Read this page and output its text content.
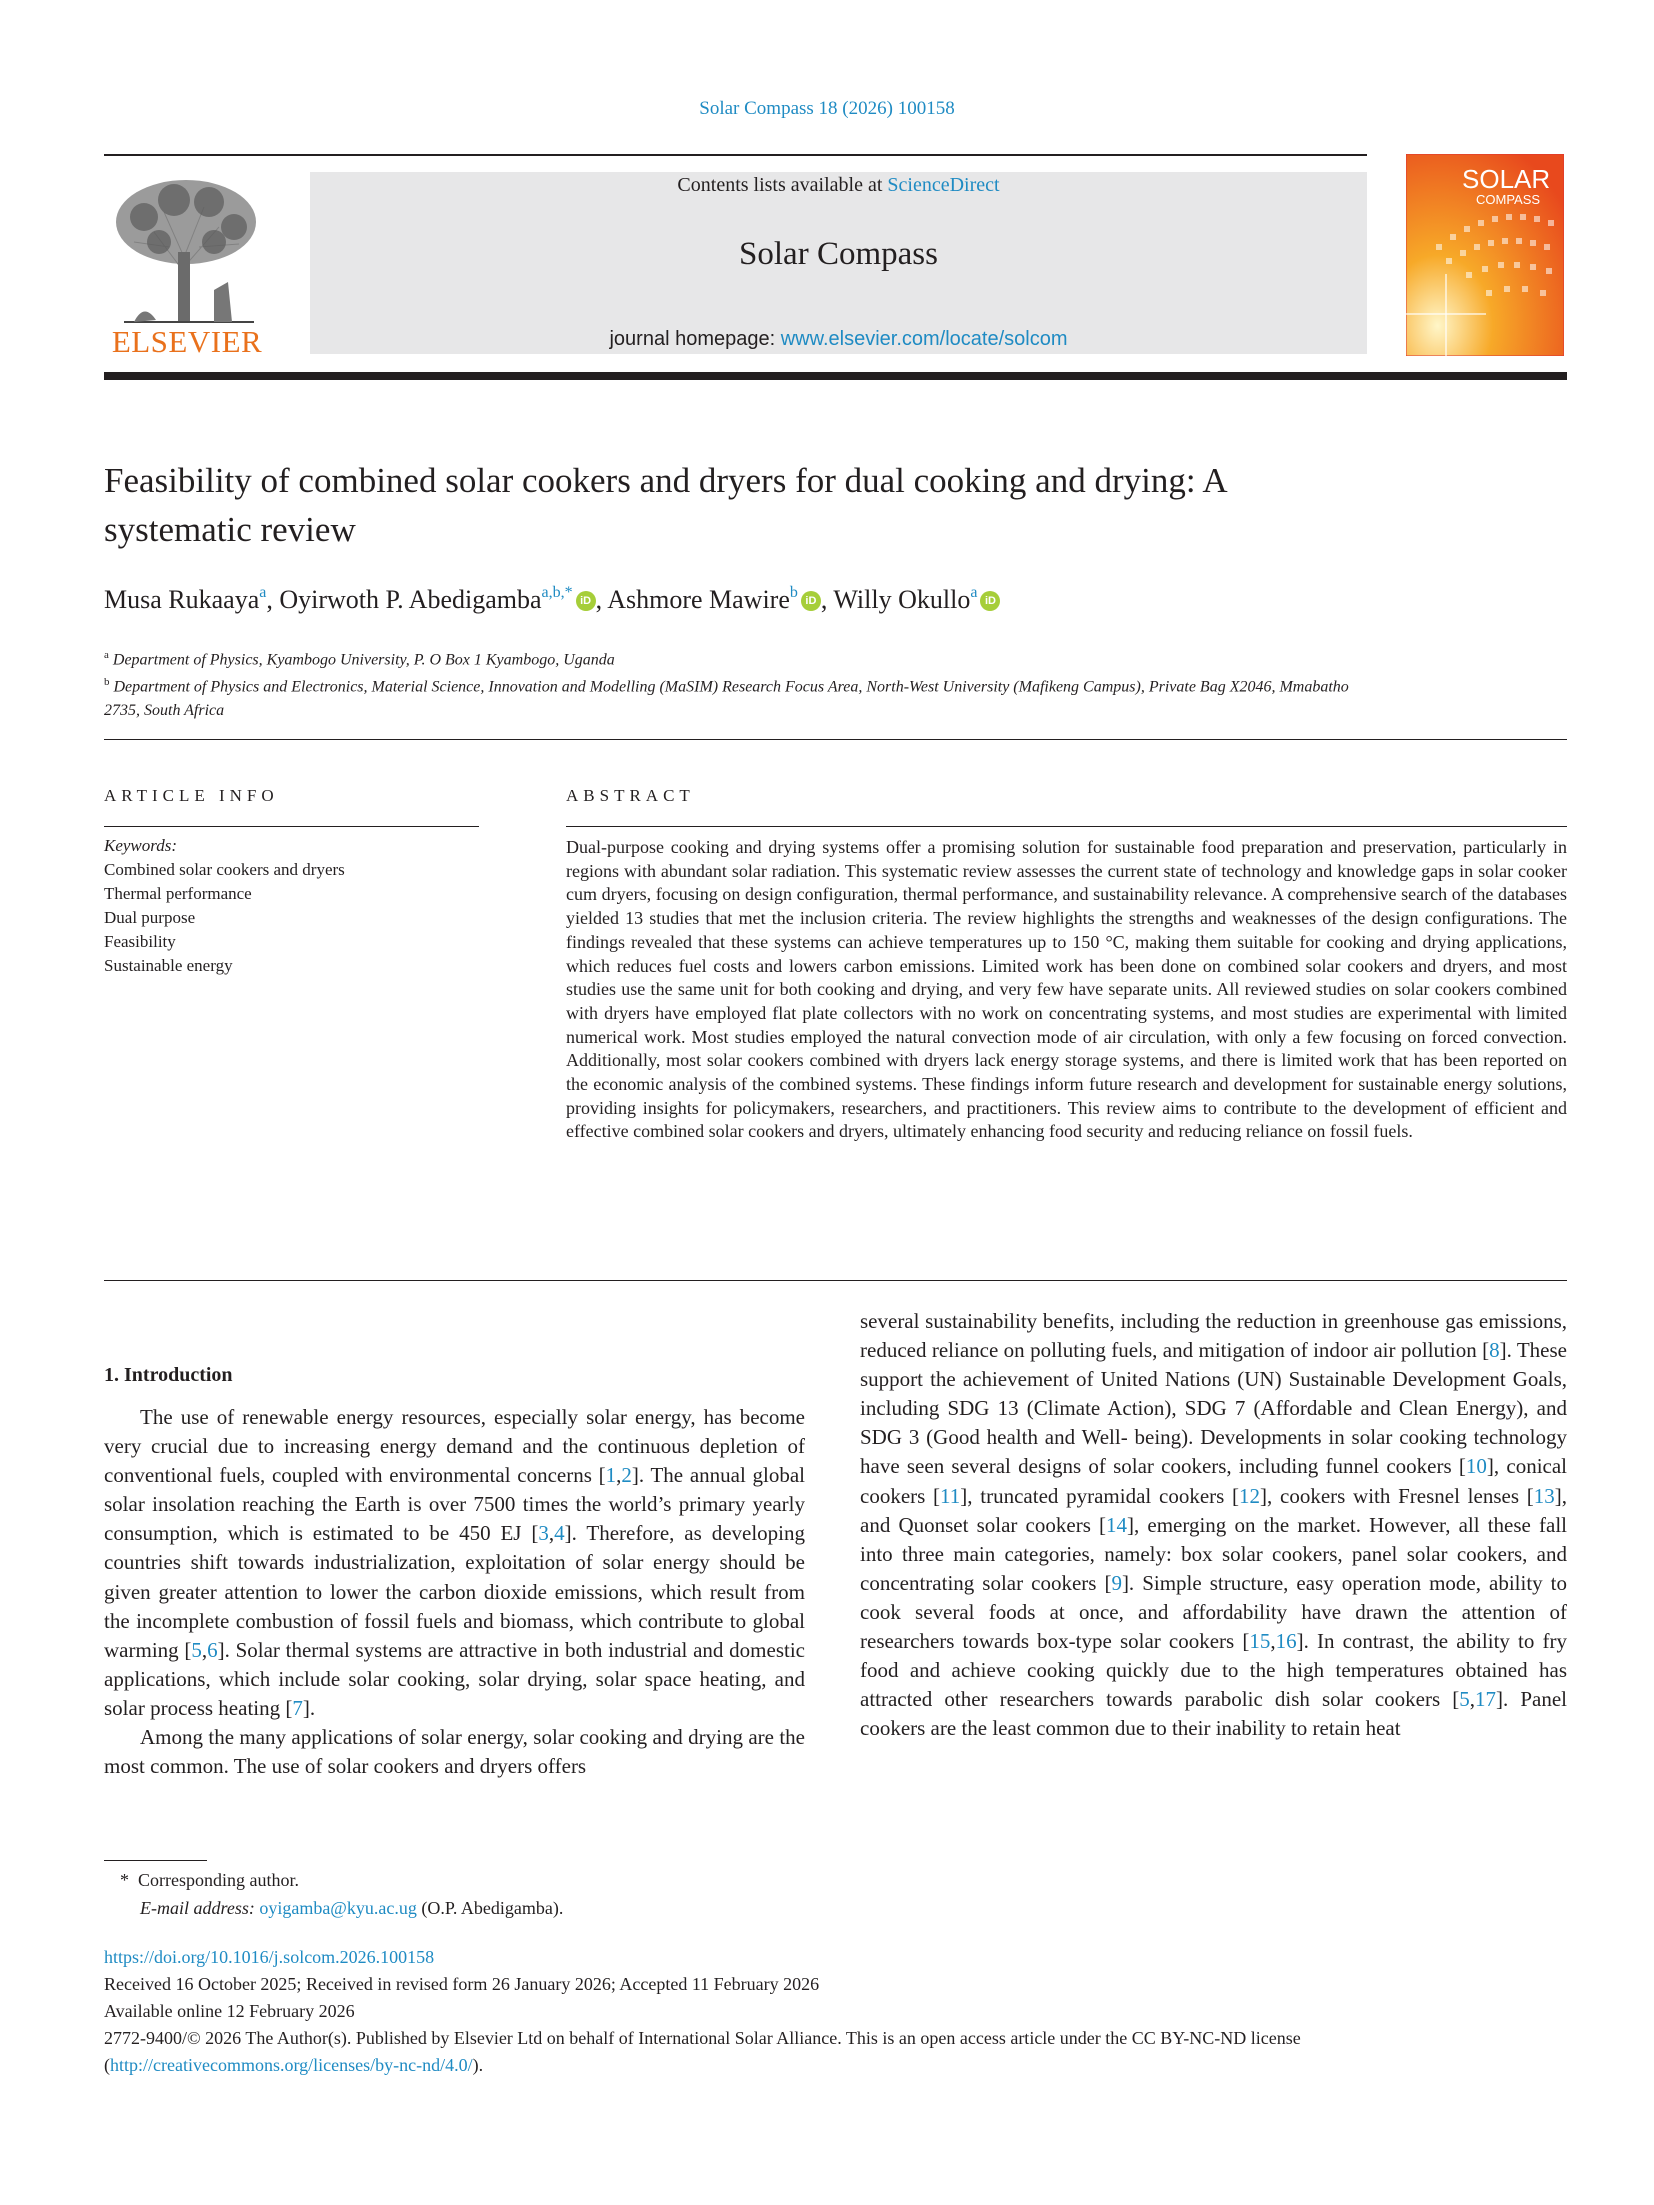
Solar Compass 18 (2026) 100158
ELSEVIER
Contents lists available at ScienceDirect
Solar Compass
journal homepage: www.elsevier.com/locate/solcom
SOLAR
COMPASS
Feasibility of combined solar cookers and dryers for dual cooking and drying: A systematic review
Musa Rukaaya$^a$, Oyirwoth P. Abedigamba$^{a,b,*}$ iD , Ashmore Mawire$^b$ iD , Willy Okullo$^a$ iD
$^a$ Department of Physics, Kyambogo University, P. O Box 1 Kyambogo, Uganda
$^b$ Department of Physics and Electronics, Material Science, Innovation and Modelling (MaSIM) Research Focus Area, North-West University (Mafikeng Campus), Private Bag X2046, Mmabatho 2735, South Africa
ARTICLE INFO
Keywords:
Combined solar cookers and dryers
Thermal performance
Dual purpose
Feasibility
Sustainable energy
ABSTRACT
Dual-purpose cooking and drying systems offer a promising solution for sustainable food preparation and preservation, particularly in regions with abundant solar radiation. This systematic review assesses the current state of technology and knowledge gaps in solar cooker cum dryers, focusing on design configuration, thermal performance, and sustainability relevance. A comprehensive search of the databases yielded 13 studies that met the inclusion criteria. The review highlights the strengths and weaknesses of the design configurations. The findings revealed that these systems can achieve temperatures up to 150 °C, making them suitable for cooking and drying applications, which reduces fuel costs and lowers carbon emissions. Limited work has been done on combined solar cookers and dryers, and most studies use the same unit for both cooking and drying, and very few have separate units. All reviewed studies on solar cookers combined with dryers have employed flat plate collectors with no work on concentrating systems, and most studies are experimental with limited numerical work. Most studies employed the natural convection mode of air circulation, with only a few focusing on forced convection. Additionally, most solar cookers combined with dryers lack energy storage systems, and there is limited work that has been reported on the economic analysis of the combined systems. These findings inform future research and development for sustainable energy solutions, providing insights for policymakers, researchers, and practitioners. This review aims to contribute to the development of efficient and effective combined solar cookers and dryers, ultimately enhancing food security and reducing reliance on fossil fuels.
1. Introduction

The use of renewable energy resources, especially solar energy, has become very crucial due to increasing energy demand and the continuous depletion of conventional fuels, coupled with environmental concerns [1,2]. The annual global solar insolation reaching the Earth is over 7500 times the world’s primary yearly consumption, which is estimated to be 450 EJ [3,4]. Therefore, as developing countries shift towards industrialization, exploitation of solar energy should be given greater attention to lower the carbon dioxide emissions, which result from the incomplete combustion of fossil fuels and biomass, which contribute to global warming [5,6]. Solar thermal systems are attractive in both industrial and domestic applications, which include solar cooking, solar drying, solar space heating, and solar process heating [7].

Among the many applications of solar energy, solar cooking and drying are the most common. The use of solar cookers and dryers offers

several sustainability benefits, including the reduction in greenhouse gas emissions, reduced reliance on polluting fuels, and mitigation of indoor air pollution [8]. These support the achievement of United Nations (UN) Sustainable Development Goals, including SDG 13 (Climate Action), SDG 7 (Affordable and Clean Energy), and SDG 3 (Good health and Well- being). Developments in solar cooking technology have seen several designs of solar cookers, including funnel cookers [10], conical cookers [11], truncated pyramidal cookers [12], cookers with Fresnel lenses [13], and Quonset solar cookers [14], emerging on the market. However, all these fall into three main categories, namely: box solar cookers, panel solar cookers, and concentrating solar cookers [9]. Simple structure, easy operation mode, ability to cook several foods at once, and affordability have drawn the attention of researchers towards box-type solar cookers [15,16]. In contrast, the ability to fry food and achieve cooking quickly due to the high temperatures obtained has attracted other researchers towards parabolic dish solar cookers [5,17]. Panel cookers are the least common due to their inability to retain heat

* Corresponding author.
E-mail address: oyigamba@kyu.ac.ug (O.P. Abedigamba).
https://doi.org/10.1016/j.solcom.2026.100158
Received 16 October 2025; Received in revised form 26 January 2026; Accepted 11 February 2026
Available online 12 February 2026
2772-9400/© 2026 The Author(s). Published by Elsevier Ltd on behalf of International Solar Alliance. This is an open access article under the CC BY-NC-ND license
(http://creativecommons.org/licenses/by-nc-nd/4.0/).
